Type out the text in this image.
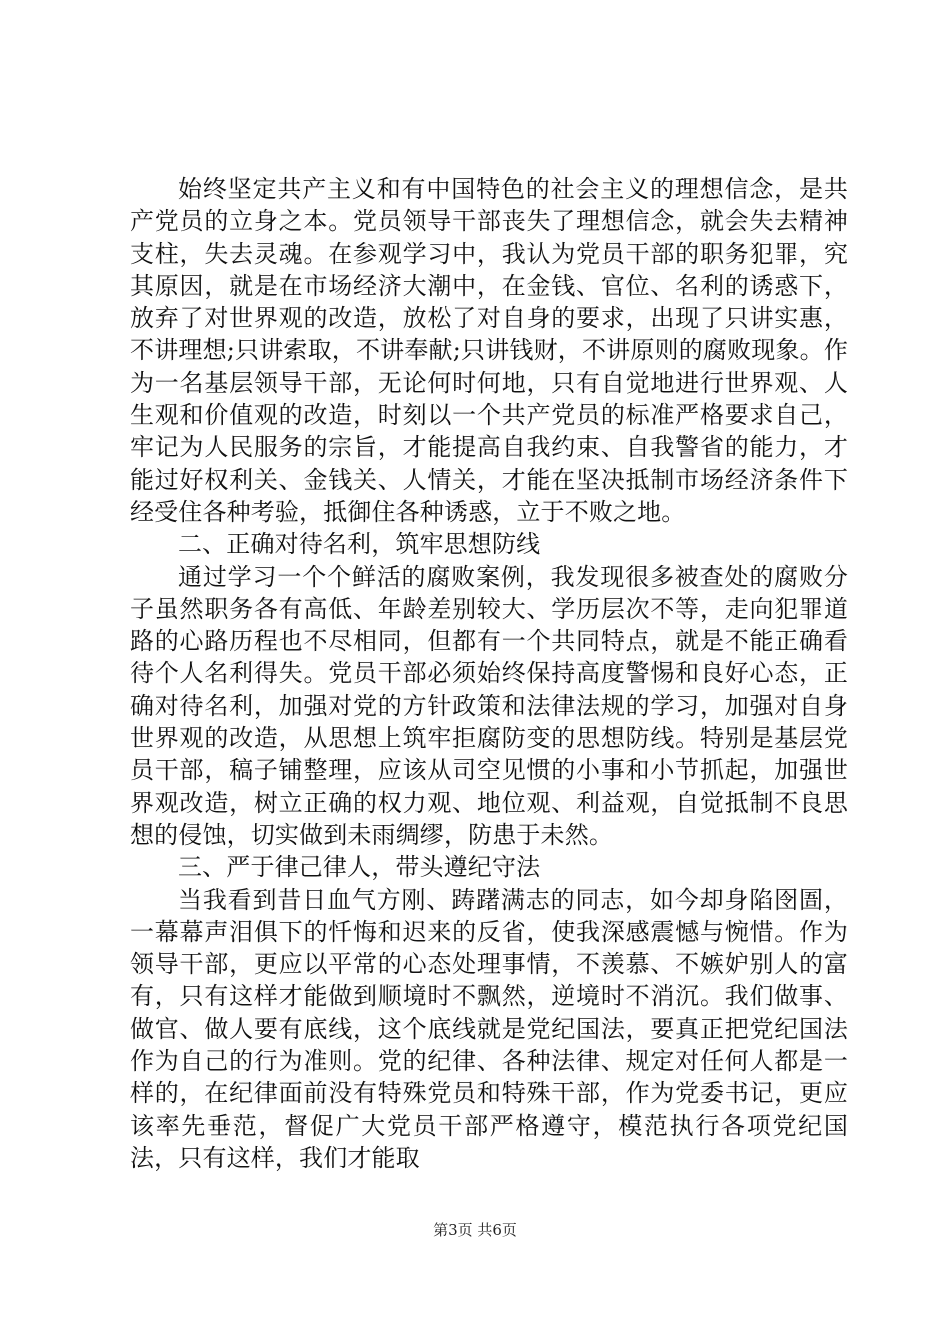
始终坚定共产主义和有中国特色的社会主义的理想信念，是共产党员的立身之本。党员领导干部丧失了理想信念，就会失去精神支柱，失去灵魂。在参观学习中，我认为党员干部的职务犯罪，究其原因，就是在市场经济大潮中，在金钱、官位、名利的诱惑下，放弃了对世界观的改造，放松了对自身的要求，出现了只讲实惠，不讲理想;只讲索取，不讲奉献;只讲钱财，不讲原则的腐败现象。作为一名基层领导干部，无论何时何地，只有自觉地进行世界观、人生观和价值观的改造，时刻以一个共产党员的标准严格要求自己，牢记为人民服务的宗旨，才能提高自我约束、自我警省的能力，才能过好权利关、金钱关、人情关，才能在坚决抵制市场经济条件下经受住各种考验，抵御住各种诱惑，立于不败之地。

二、正确对待名利，筑牢思想防线

通过学习一个个鲜活的腐败案例，我发现很多被查处的腐败分子虽然职务各有高低、年龄差别较大、学历层次不等，走向犯罪道路的心路历程也不尽相同，但都有一个共同特点，就是不能正确看待个人名利得失。党员干部必须始终保持高度警惕和良好心态，正确对待名利，加强对党的方针政策和法律法规的学习，加强对自身世界观的改造，从思想上筑牢拒腐防变的思想防线。特别是基层党员干部，稿子铺整理，应该从司空见惯的小事和小节抓起，加强世界观改造，树立正确的权力观、地位观、利益观，自觉抵制不良思想的侵蚀，切实做到未雨绸缪，防患于未然。

三、严于律己律人，带头遵纪守法

当我看到昔日血气方刚、踌躇满志的同志，如今却身陷囹圄，一幕幕声泪俱下的忏悔和迟来的反省，使我深感震憾与惋惜。作为领导干部，更应以平常的心态处理事情，不羡慕、不嫉妒别人的富有，只有这样才能做到顺境时不飘然，逆境时不消沉。我们做事、做官、做人要有底线，这个底线就是党纪国法，要真正把党纪国法作为自己的行为准则。党的纪律、各种法律、规定对任何人都是一样的，在纪律面前没有特殊党员和特殊干部，作为党委书记，更应该率先垂范，督促广大党员干部严格遵守，模范执行各项党纪国法，只有这样，我们才能取

第3页 共6页
